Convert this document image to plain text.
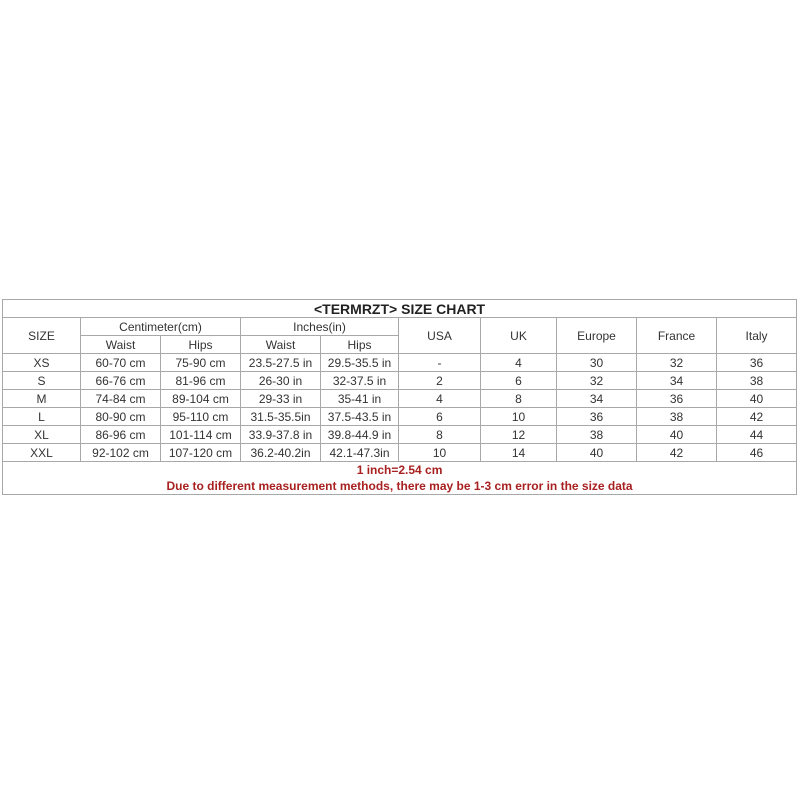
<TERMRZT> SIZE CHART									
SIZE	Centimeter(cm)		Inches(in)		USA	UK	Europe	France	Italy
	Waist	Hips	Waist	Hips					
XS	60-70 cm	75-90 cm	23.5-27.5 in	29.5-35.5 in	-	4	30	32	36
S	66-76 cm	81-96 cm	26-30 in	32-37.5 in	2	6	32	34	38
M	74-84 cm	89-104 cm	29-33 in	35-41 in	4	8	34	36	40
L	80-90 cm	95-110 cm	31.5-35.5in	37.5-43.5 in	6	10	36	38	42
XL	86-96 cm	101-114 cm	33.9-37.8 in	39.8-44.9 in	8	12	38	40	44
XXL	92-102 cm	107-120 cm	36.2-40.2in	42.1-47.3in	10	14	40	42	46

1 inch=2.54 cm
Due to different measurement methods, there may be 1-3 cm error in the size data									
